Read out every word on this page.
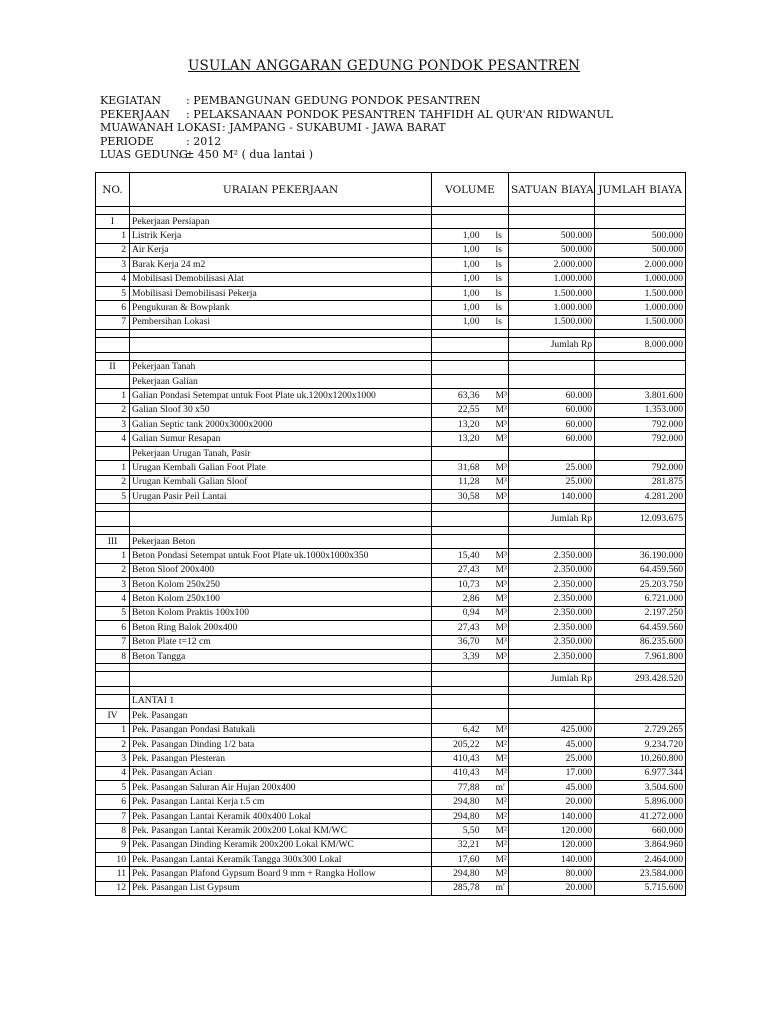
USULAN ANGGARAN GEDUNG PONDOK PESANTREN
KEGIATAN : PEMBANGUNAN GEDUNG PONDOK PESANTREN
PEKERJAAN : PELAKSANAAN PONDOK PESANTREN TAHFIDH AL QUR'AN RIDWANUL
MUAWANAH LOKASI : JAMPANG - SUKABUMI - JAWA BARAT
PERIODE	: 2012
LUAS GEDUNG
: ± 450 M² ( dua lantai )
NO.	URAIAN PEKERJAAN	VOLUME		SATUAN BIAYA	JUMLAH BIAYA

I	Pekerjaan Persiapan				
1	Listrik Kerja	1,00	ls	500.000	500.000
2	Air Kerja	1,00	ls	500.000	500.000
3	Barak Kerja 24 m2	1,00	ls	2.000.000	2.000.000
4	Mobilisasi Demobilisasi Alat	1,00	ls	1.000.000	1.000.000
5	Mobilisasi Demobilisasi Pekerja	1,00	ls	1.500.000	1.500.000
6	Pengukuran & Bowplank	1,00	ls	1.000.000	1.000.000
7	Pembersihan Lokasi	1,00	ls	1.500.000	1.500.000

				Jumlah Rp	8.000.000

II	Pekerjaan Tanah				
	Pekerjaan Galian				
1	Galian Pondasi Setempat untuk Foot Plate uk.1200x1200x1000	63,36	M³	60.000	3.801.600
2	Galian Sloof 30 x50	22,55	M³	60.000	1.353.000
3	Galian Septic tank 2000x3000x2000	13,20	M³	60.000	792.000
4	Galian Sumur Resapan	13,20	M³	60.000	792.000
	Pekerjaan Urugan Tanah, Pasir				
1	Urugan Kembali Galian Foot Plate	31,68	M³	25.000	792.000
2	Urugan Kembali Galian Sloof	11,28	M³	25.000	281.875
5	Urugan Pasir Peil Lantai	30,58	M³	140.000	4.281.200

				Jumlah Rp	12.093.675

III	Pekerjaan Beton				
1	Beton Pondasi Setempat untuk Foot Plate uk.1000x1000x350	15,40	M³	2.350.000	36.190.000
2	Beton Sloof 200x400	27,43	M³	2.350.000	64.459.560
3	Beton Kolom 250x250	10,73	M³	2.350.000	25.203.750
4	Beton Kolom 250x100	2,86	M³	2.350.000	6.721.000
5	Beton Kolom Praktis 100x100	0,94	M³	2.350.000	2.197.250
6	Beton Ring Balok 200x400	27,43	M³	2.350.000	64.459.560
7	Beton Plate t=12 cm	36,70	M³	2.350.000	86.235.600
8	Beton Tangga	3,39	M³	2.350.000	7.961.800

				Jumlah Rp	293.428.520

	LANTAI 1				
IV	Pek. Pasangan				
1	Pek. Pasangan Pondasi Batukali	6,42	M³	425.000	2.729.265
2	Pek. Pasangan Dinding 1/2 bata	205,22	M²	45.000	9.234.720
3	Pek. Pasangan Plesteran	410,43	M²	25.000	10.260.800
4	Pek. Pasangan Acian	410,43	M²	17.000	6.977.344
5	Pek. Pasangan Saluran Air Hujan 200x400	77,88	m'	45.000	3.504.600
6	Pek. Pasangan Lantai Kerja t.5 cm	294,80	M²	20.000	5.896.000
7	Pek. Pasangan Lantai Keramik 400x400 Lokal	294,80	M²	140.000	41.272.000
8	Pek. Pasangan Lantai Keramik 200x200 Lokal KM/WC	5,50	M²	120.000	660.000
9	Pek. Pasangan Dinding Keramik 200x200 Lokal KM/WC	32,21	M²	120.000	3.864.960
10	Pek. Pasangan Lantai Keramik Tangga 300x300 Lokal	17,60	M²	140.000	2.464.000
11	Pek. Pasangan Plafond Gypsum Board 9 mm + Rangka Hollow	294,80	M²	80.000	23.584.000
12	Pek. Pasangan List Gypsum	285,78	m'	20.000	5.715.600
